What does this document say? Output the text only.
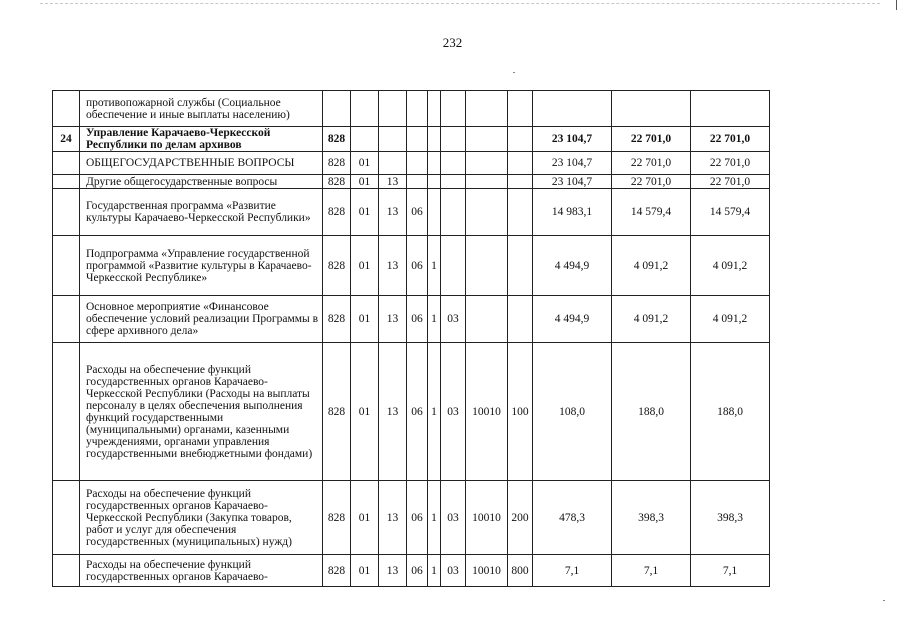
232
	противопожарной службы (Социальное обеспечение и иные выплаты населению)											
24	Управление Карачаево-Черкесской Республики по делам архивов	828								23 104,7	22 701,0	22 701,0
	ОБЩЕГОСУДАРСТВЕННЫЕ ВОПРОСЫ	828	01							23 104,7	22 701,0	22 701,0
	Другие общегосударственные вопросы	828	01	13						23 104,7	22 701,0	22 701,0
	Государственная программа «Развитие культуры Карачаево-Черкесской Республики»	828	01	13	06					14 983,1	14 579,4	14 579,4
	Подпрограмма «Управление государственной программой «Развитие культуры в Карачаево-Черкесской Республике»	828	01	13	06	1				4 494,9	4 091,2	4 091,2
	Основное мероприятие «Финансовое обеспечение условий реализации Программы в сфере архивного дела»	828	01	13	06	1	03			4 494,9	4 091,2	4 091,2
	Расходы на обеспечение функций государственных органов Карачаево-Черкесской Республики (Расходы на выплаты персоналу в целях обеспечения выполнения функций государственными (муниципальными) органами, казенными учреждениями, органами управления государственными внебюджетными фондами)	828	01	13	06	1	03	10010	100	108,0	188,0	188,0
	Расходы на обеспечение функций государственных органов Карачаево-Черкесской Республики (Закупка товаров, работ и услуг для обеспечения государственных (муниципальных) нужд)	828	01	13	06	1	03	10010	200	478,3	398,3	398,3
	Расходы на обеспечение функций государственных органов Карачаево-	828	01	13	06	1	03	10010	800	7,1	7,1	7,1
